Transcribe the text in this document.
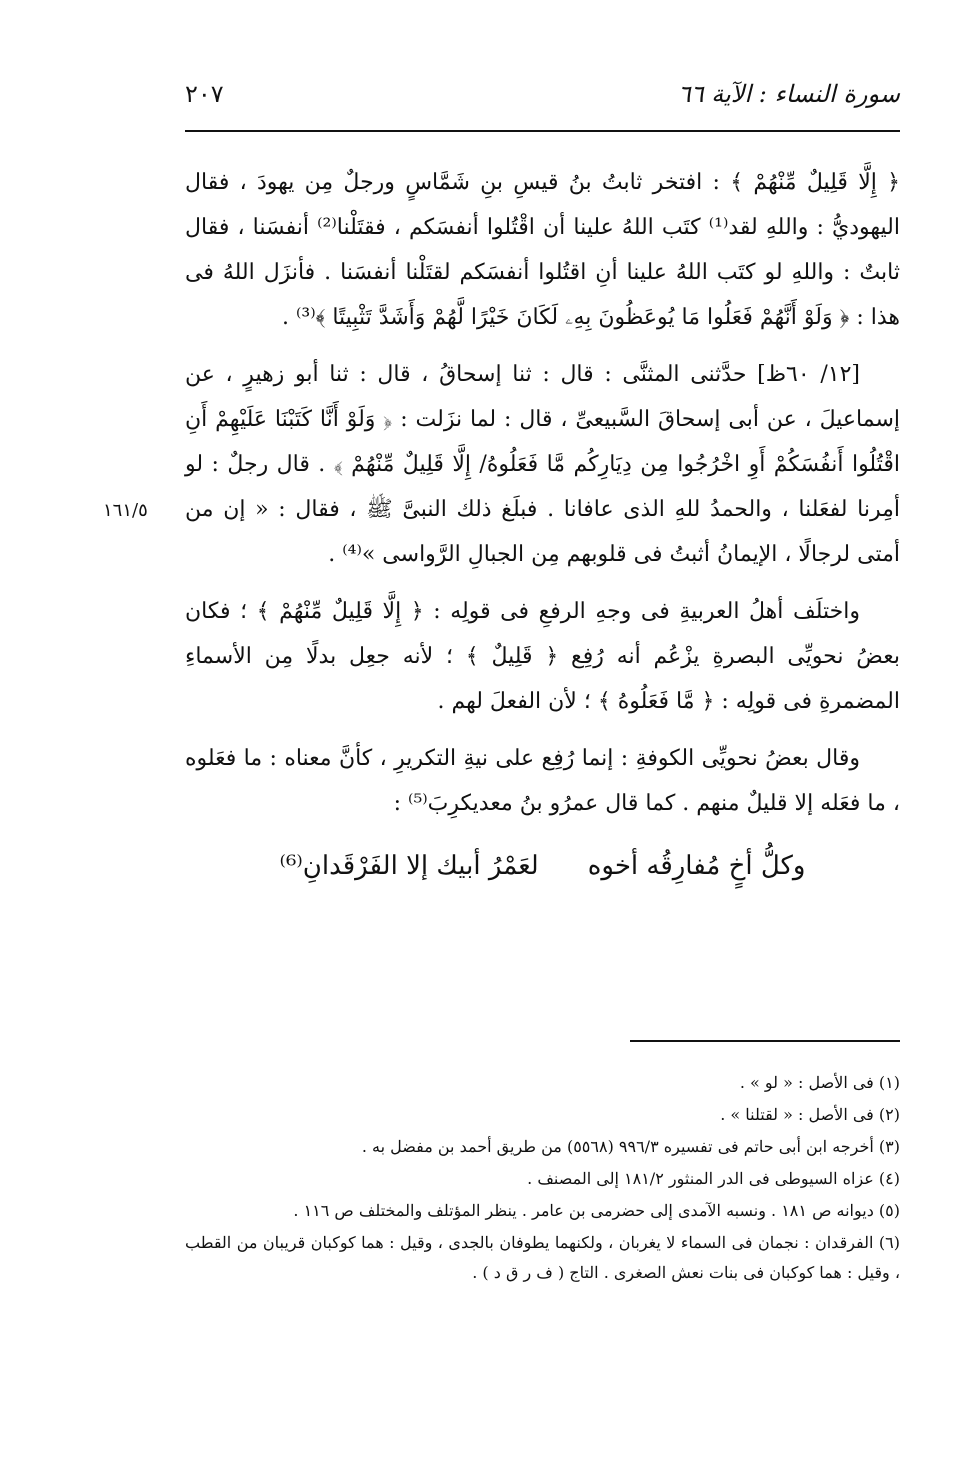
سورة النساء : الآية ٦٦
٢٠٧
١٦١/٥

﴿ إِلَّا قَلِيلٌ مِّنْهُمْ ﴾ : افتخر ثابتُ بنُ قيسِ بنِ شَمَّاسٍ ورجلٌ مِن يهودَ ، فقال اليهوديُّ : واللهِ لقد⁽¹⁾ كتَب اللهُ علينا أن اقْتُلوا أنفسَكم ، فقتَلْنا⁽²⁾ أنفسَنا ، فقال ثابتٌ : واللهِ لو كتَب اللهُ علينا أنِ اقتُلوا أنفسَكم لقتَلْنا أنفسَنا . فأنزَل اللهُ فى هذا : ﴿ وَلَوْ أَنَّهُمْ فَعَلُوا مَا يُوعَظُونَ بِهِۦ لَكَانَ خَيْرًا لَّهُمْ وَأَشَدَّ تَثْبِيتًا ﴾⁽³⁾ .

[١٢/ ٦٠ظ] حدَّثنى المثنَّى : قال : ثنا إسحاقُ ، قال : ثنا أبو زهيرٍ ، عن إسماعيلَ ، عن أبى إسحاقَ السَّبيعىِّ ، قال : لما نزَلت : ﴿ وَلَوْ أَنَّا كَتَبْنَا عَلَيْهِمْ أَنِ اقْتُلُوا أَنفُسَكُمْ أَوِ اخْرُجُوا مِن دِيَارِكُم مَّا فَعَلُوهُ/ إِلَّا قَلِيلٌ مِّنْهُمْ ﴾ . قال رجلٌ : لو أمِرنا لفعَلنا ، والحمدُ للهِ الذى عافانا . فبلَغ ذلك النبىَّ ﷺ ، فقال : « إن من أمتى لرجالًا ، الإيمانُ أثبتُ فى قلوبهم مِن الجبالِ الرَّواسى »⁽⁴⁾ .

واختلَف أهلُ العربيةِ فى وجهِ الرفعِ فى قولِه : ﴿ إِلَّا قَلِيلٌ مِّنْهُمْ ﴾ ؛ فكان بعضُ نحويِّى البصرةِ يزْعُم أنه رُفِع ﴿ قَلِيلٌ ﴾ ؛ لأنه جعِل بدلًا مِن الأسماءِ المضمرةِ فى قولِه : ﴿ مَّا فَعَلُوهُ ﴾ ؛ لأن الفعلَ لهم .

وقال بعضُ نحويِّى الكوفةِ : إنما رُفِع على نيةِ التكريرِ ، كأنَّ معناه : ما فعَلوه ، ما فعَله إلا قليلٌ منهم . كما قال عمرُو بنُ معديكرِبَ⁽⁵⁾ :

وكلُّ أخٍ مُفارِقُه أخوه
لعَمْرُ أبيك إلا الفَرْقَدانِ⁽⁶⁾

(١) فى الأصل : « لو » .

(٢) فى الأصل : « لقتلنا » .

(٣) أخرجه ابن أبى حاتم فى تفسيره ٩٩٦/٣ (٥٥٦٨) من طريق أحمد بن مفضل به .

(٤) عزاه السيوطى فى الدر المنثور ١٨١/٢ إلى المصنف .

(٥) ديوانه ص ١٨١ . ونسبه الآمدى إلى حضرمى بن عامر . ينظر المؤتلف والمختلف ص ١١٦ .

(٦) الفرقدان : نجمان فى السماء لا يغربان ، ولكنهما يطوفان بالجدى ، وقيل : هما كوكبان قريبان من القطب ، وقيل : هما كوكبان فى بنات نعش الصغرى . التاج ( ف ر ق د ) .
